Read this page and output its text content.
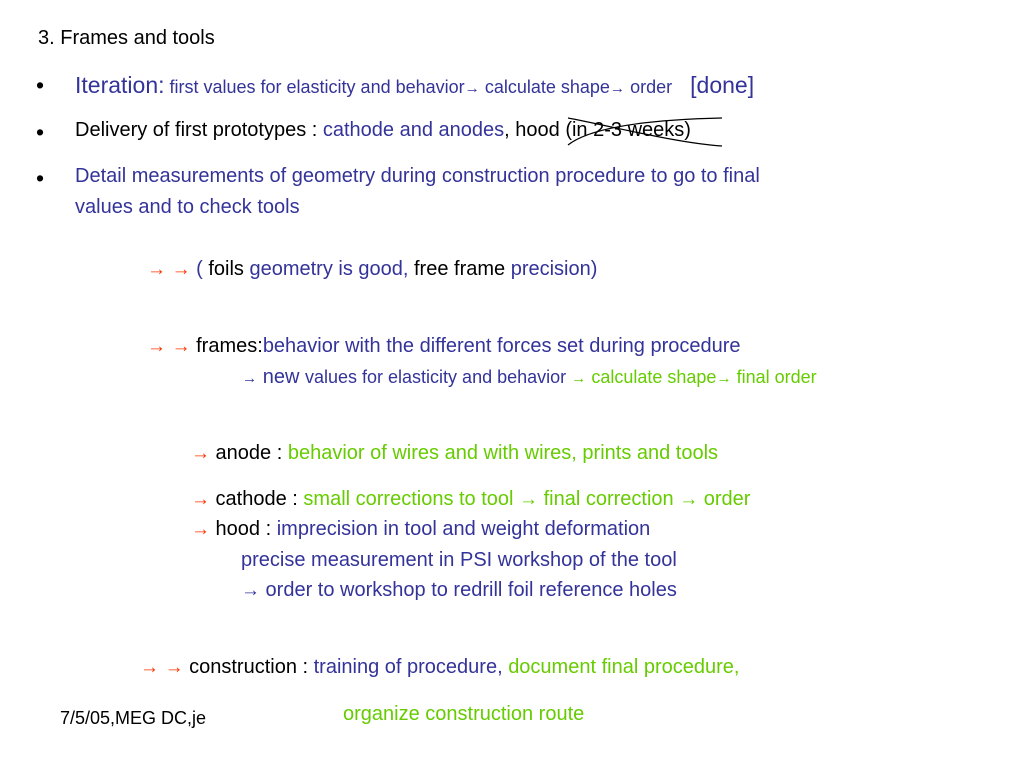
3. Frames and tools
• Iteration: first values for elasticity and behavior→ calculate shape→ order [done]
• Delivery of first prototypes : cathode and anodes, hood (in 2-3 weeks
)
• Detail measurements of geometry during construction procedure to go to final
values and to check tools
→ → ( foils geometry is good, free frame precision)
→ → frames:behavior with the different forces set during procedure
→ new values for elasticity and behavior → calculate shape→ final order
→ anode : behavior of wires and with wires, prints and tools
→ cathode : small corrections to tool → final correction → order
→ hood : imprecision in tool and weight deformation
precise measurement in PSI workshop of the tool
→ order to workshop to redrill foil reference holes
→ → construction : training of procedure, document final procedure,
7/5/05,MEG DC,je	organize construction route
